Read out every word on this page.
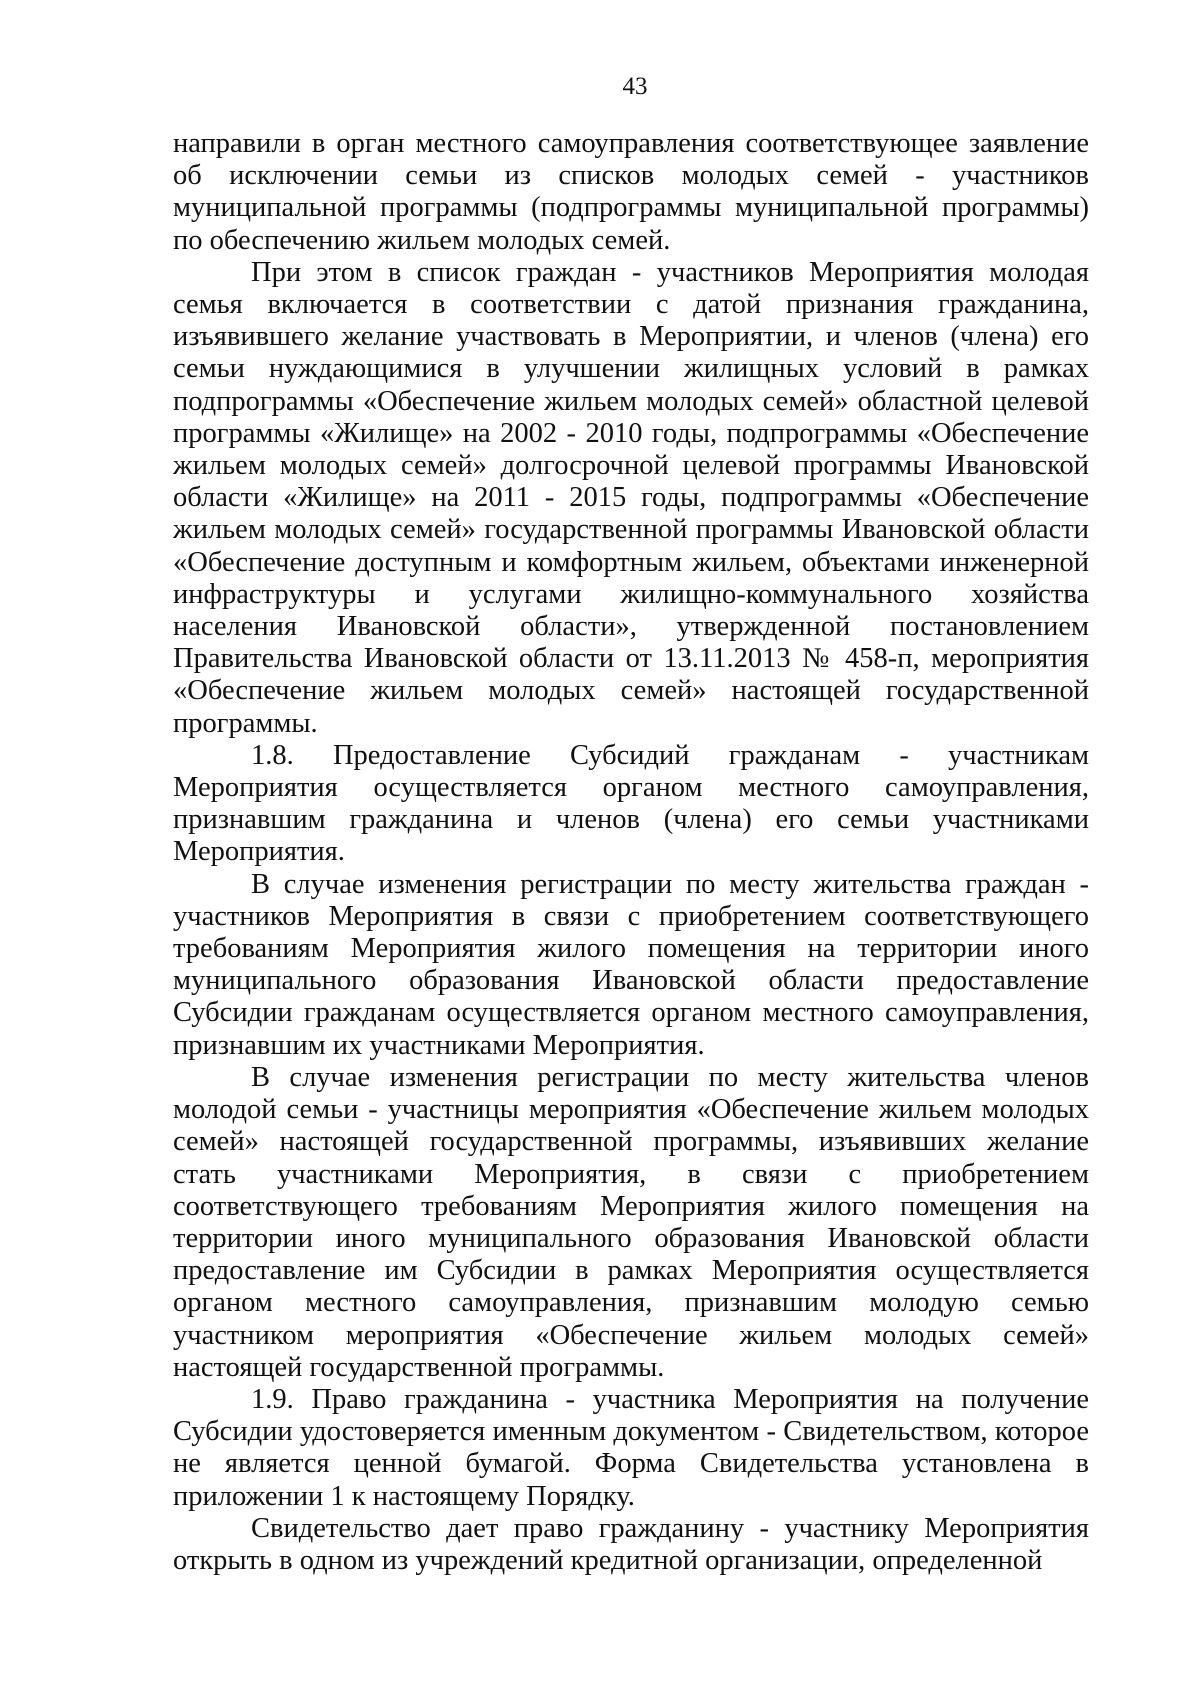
43

направили в орган местного самоуправления соответствующее заявление об исключении семьи из списков молодых семей - участников муниципальной программы (подпрограммы муниципальной программы) по обеспечению жильем молодых семей.

При этом в список граждан - участников Мероприятия молодая семья включается в соответствии с датой признания гражданина, изъявившего желание участвовать в Мероприятии, и членов (члена) его семьи нуждающимися в улучшении жилищных условий в рамках подпрограммы «Обеспечение жильем молодых семей» областной целевой программы «Жилище» на 2002 - 2010 годы, подпрограммы «Обеспечение жильем молодых семей» долгосрочной целевой программы Ивановской области «Жилище» на 2011 - 2015 годы, подпрограммы «Обеспечение жильем молодых семей» государственной программы Ивановской области «Обеспечение доступным и комфортным жильем, объектами инженерной инфраструктуры и услугами жилищно-коммунального хозяйства населения Ивановской области», утвержденной постановлением Правительства Ивановской области от 13.11.2013 № 458-п, мероприятия «Обеспечение жильем молодых семей» настоящей государственной программы.

1.8. Предоставление Субсидий гражданам - участникам Мероприятия осуществляется органом местного самоуправления, признавшим гражданина и членов (члена) его семьи участниками Мероприятия.

В случае изменения регистрации по месту жительства граждан - участников Мероприятия в связи с приобретением соответствующего требованиям Мероприятия жилого помещения на территории иного муниципального образования Ивановской области предоставление Субсидии гражданам осуществляется органом местного самоуправления, признавшим их участниками Мероприятия.

В случае изменения регистрации по месту жительства членов молодой семьи - участницы мероприятия «Обеспечение жильем молодых семей» настоящей государственной программы, изъявивших желание стать участниками Мероприятия, в связи с приобретением соответствующего требованиям Мероприятия жилого помещения на территории иного муниципального образования Ивановской области предоставление им Субсидии в рамках Мероприятия осуществляется органом местного самоуправления, признавшим молодую семью участником мероприятия «Обеспечение жильем молодых семей» настоящей государственной программы.

1.9. Право гражданина - участника Мероприятия на получение Субсидии удостоверяется именным документом - Свидетельством, которое не является ценной бумагой. Форма Свидетельства установлена в приложении 1 к настоящему Порядку.

Свидетельство дает право гражданину - участнику Мероприятия открыть в одном из учреждений кредитной организации, определенной
